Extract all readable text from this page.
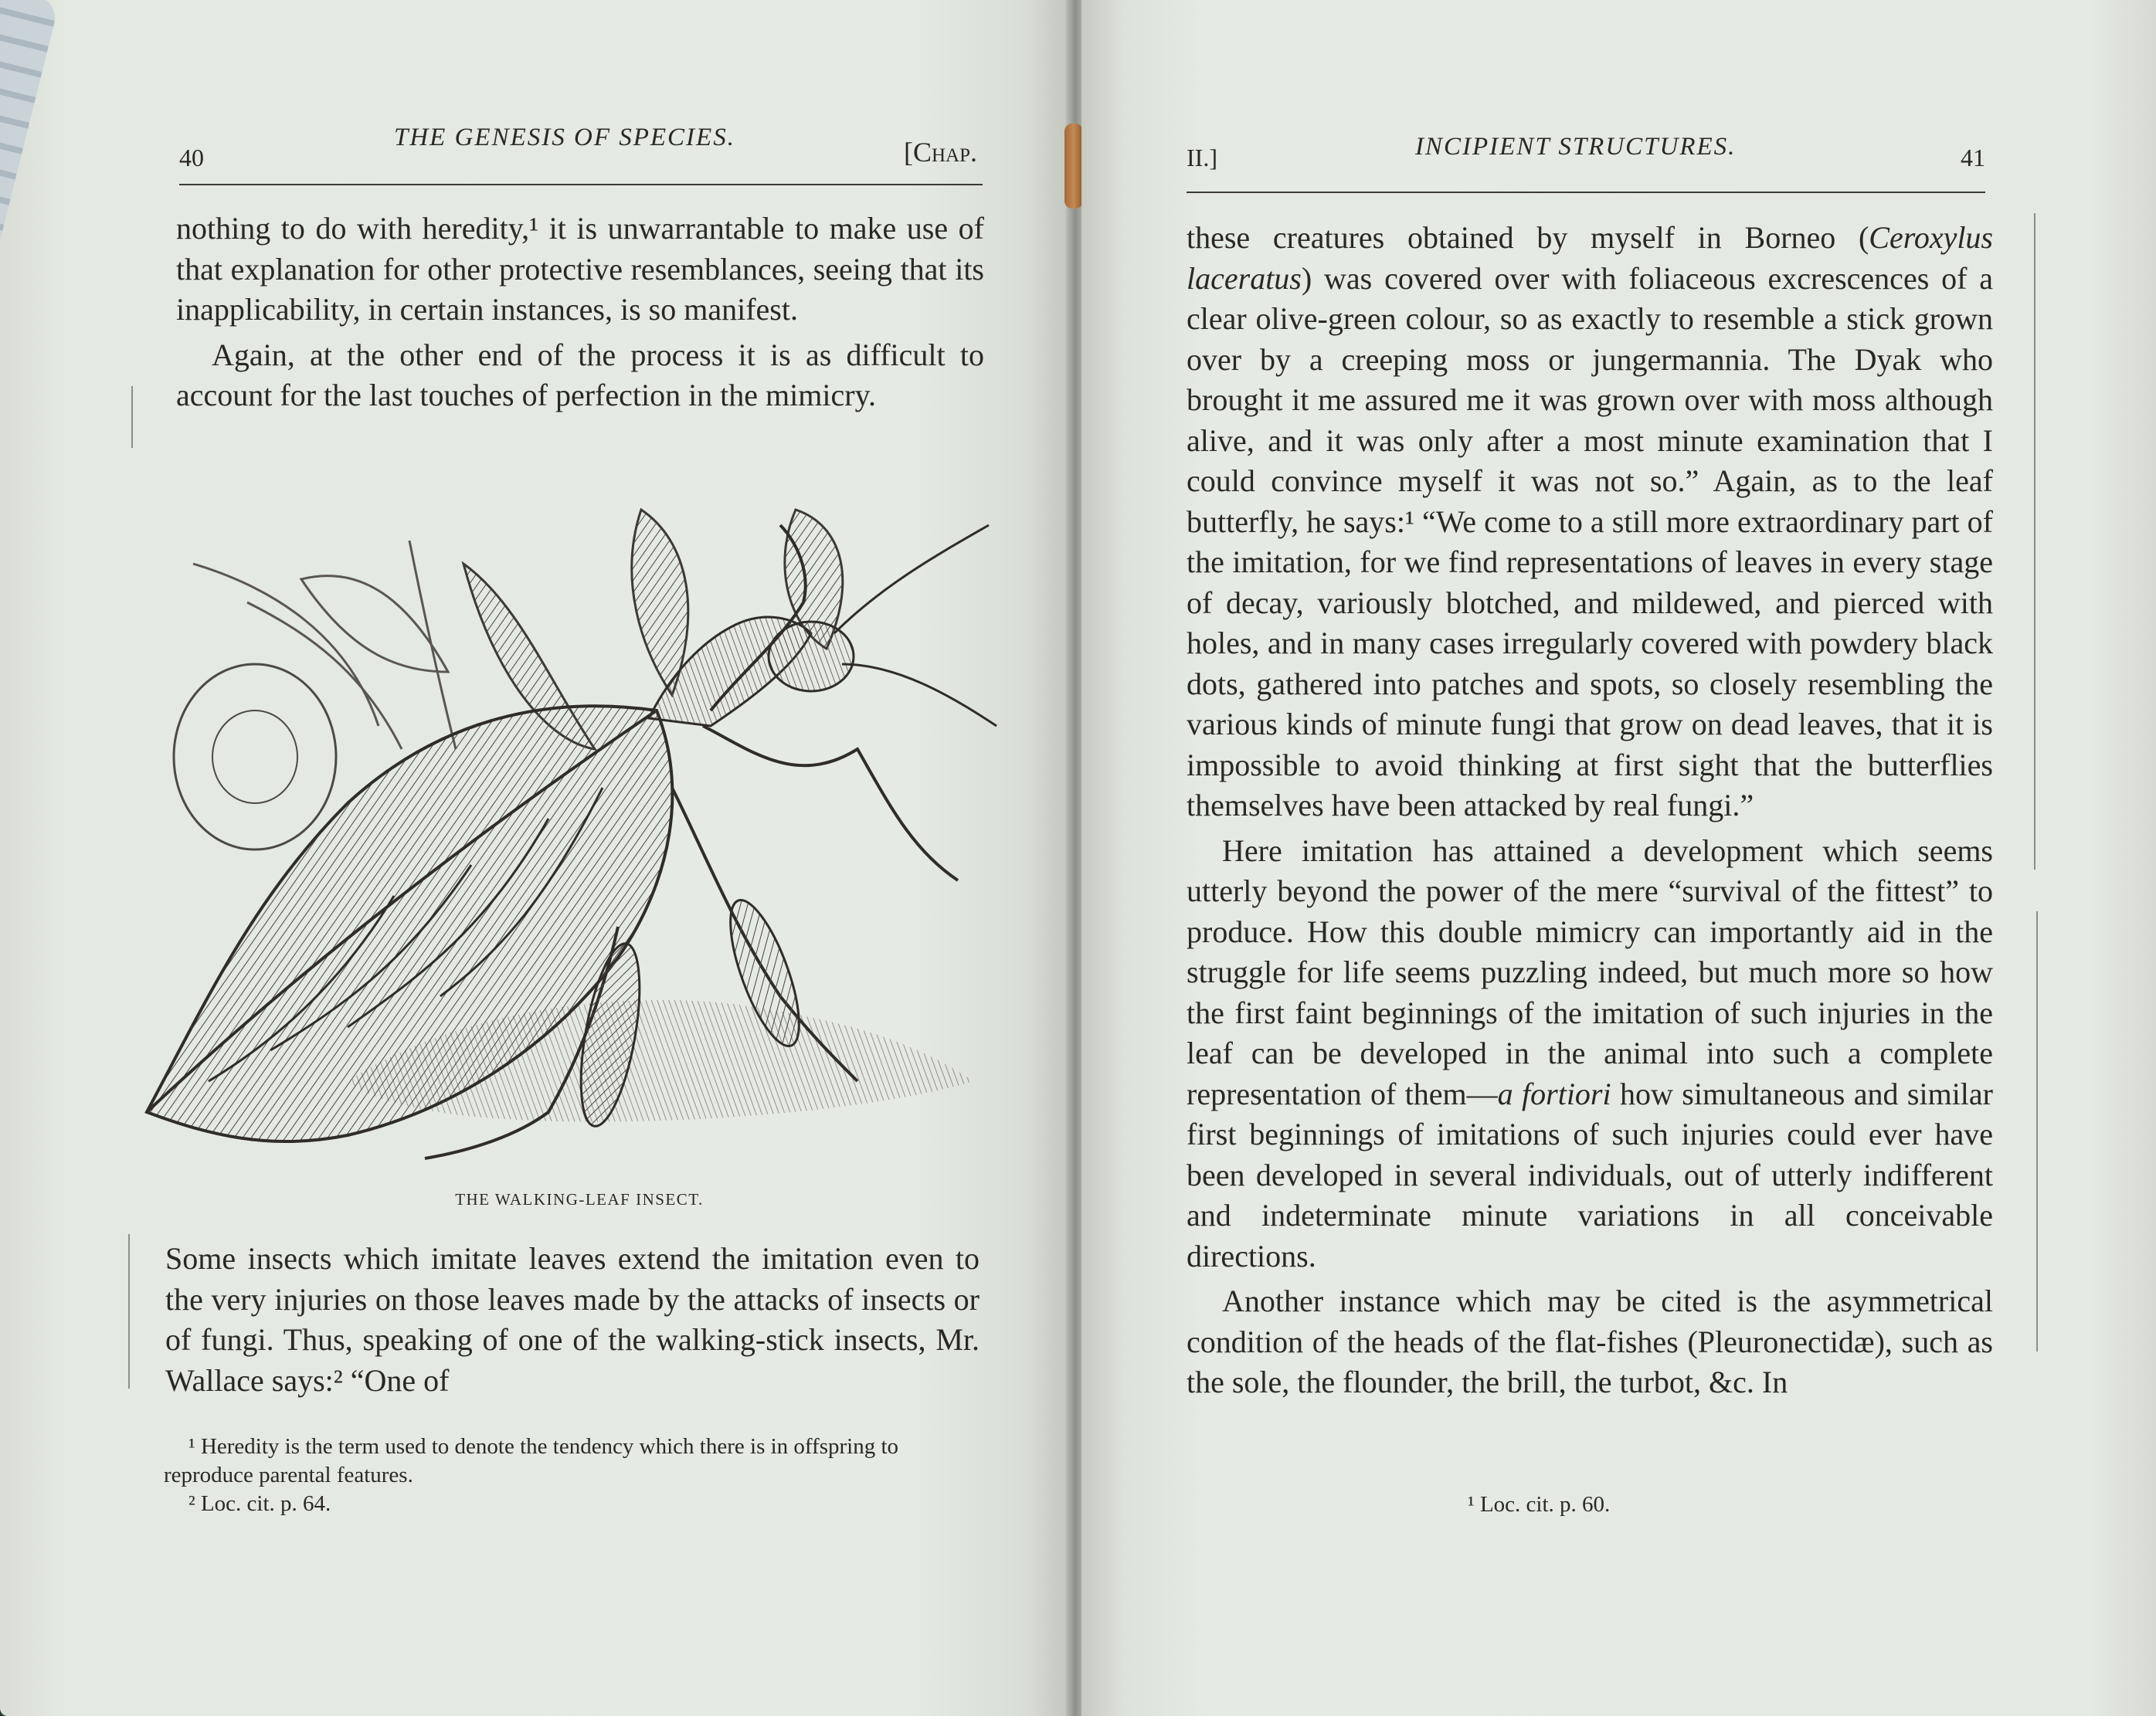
40
THE GENESIS OF SPECIES.	[Chap.

nothing to do with heredity,¹ it is unwarrantable to make use of that explanation for other protective resemblances, seeing that its inapplicability, in certain instances, is so manifest.

Again, at the other end of the process it is as difficult to account for the last touches of perfection in the mimicry.

THE WALKING-LEAF INSECT.

Some insects which imitate leaves extend the imitation even to the very injuries on those leaves made by the attacks of insects or of fungi. Thus, speaking of one of the walking-stick insects, Mr. Wallace says:² “One of

¹ Heredity is the term used to denote the tendency which there is in offspring to reproduce parental features.

² Loc. cit. p. 64.

II.]	INCIPIENT STRUCTURES.	41

these creatures obtained by myself in Borneo (Ceroxylus laceratus) was covered over with foliaceous excrescences of a clear olive-green colour, so as exactly to resemble a stick grown over by a creeping moss or jungermannia. The Dyak who brought it me assured me it was grown over with moss although alive, and it was only after a most minute examination that I could convince myself it was not so.” Again, as to the leaf butterfly, he says:¹ “We come to a still more extraordinary part of the imitation, for we find representations of leaves in every stage of decay, variously blotched, and mildewed, and pierced with holes, and in many cases irregularly covered with powdery black dots, gathered into patches and spots, so closely resembling the various kinds of minute fungi that grow on dead leaves, that it is impossible to avoid thinking at first sight that the butterflies themselves have been attacked by real fungi.”

Here imitation has attained a development which seems utterly beyond the power of the mere “survival of the fittest” to produce. How this double mimicry can importantly aid in the struggle for life seems puzzling indeed, but much more so how the first faint beginnings of the imitation of such injuries in the leaf can be developed in the animal into such a complete representation of them—a fortiori how simultaneous and similar first beginnings of imitations of such injuries could ever have been developed in several individuals, out of utterly indifferent and indeterminate minute variations in all conceivable directions.

Another instance which may be cited is the asymmetrical condition of the heads of the flat-fishes (Pleuronectidæ), such as the sole, the flounder, the brill, the turbot, &c. In

¹ Loc. cit. p. 60.
